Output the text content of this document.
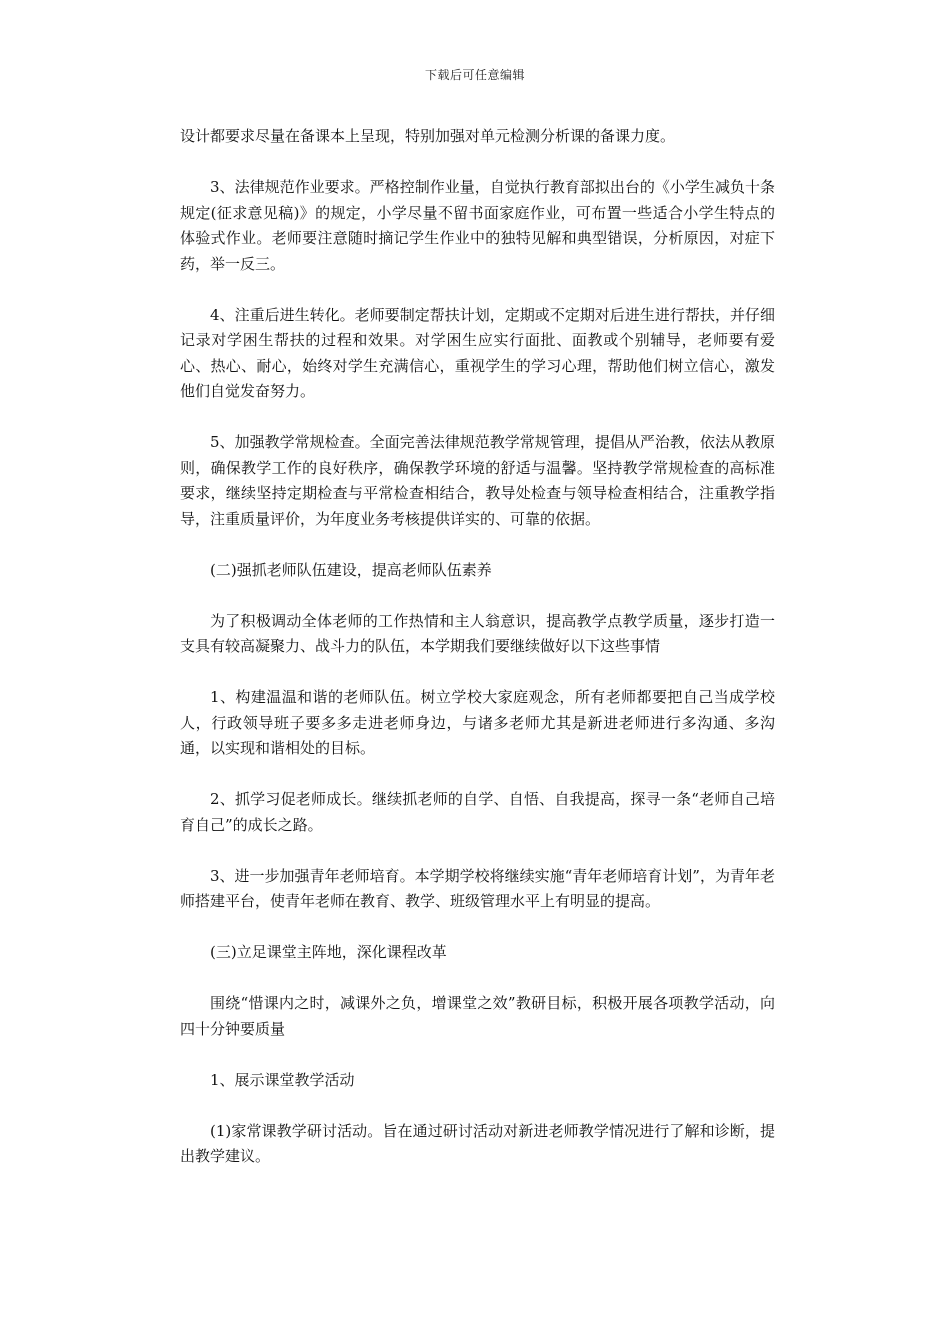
下载后可任意编辑

设计都要求尽量在备课本上呈现，特别加强对单元检测分析课的备课力度。

3、法律规范作业要求。严格控制作业量，自觉执行教育部拟出台的《小学生减负十条规定(征求意见稿)》的规定，小学尽量不留书面家庭作业，可布置一些适合小学生特点的体验式作业。老师要注意随时摘记学生作业中的独特见解和典型错误，分析原因，对症下药，举一反三。

4、注重后进生转化。老师要制定帮扶计划，定期或不定期对后进生进行帮扶，并仔细记录对学困生帮扶的过程和效果。对学困生应实行面批、面教或个别辅导，老师要有爱心、热心、耐心，始终对学生充满信心，重视学生的学习心理，帮助他们树立信心，激发他们自觉发奋努力。

5、加强教学常规检查。全面完善法律规范教学常规管理，提倡从严治教，依法从教原则，确保教学工作的良好秩序，确保教学环境的舒适与温馨。坚持教学常规检查的高标准要求，继续坚持定期检查与平常检查相结合，教导处检查与领导检查相结合，注重教学指导，注重质量评价，为年度业务考核提供详实的、可靠的依据。

(二)强抓老师队伍建设，提高老师队伍素养

为了积极调动全体老师的工作热情和主人翁意识，提高教学点教学质量，逐步打造一支具有较高凝聚力、战斗力的队伍，本学期我们要继续做好以下这些事情

1、构建温温和谐的老师队伍。树立学校大家庭观念，所有老师都要把自己当成学校人，行政领导班子要多多走进老师身边，与诸多老师尤其是新进老师进行多沟通、多沟通，以实现和谐相处的目标。

2、抓学习促老师成长。继续抓老师的自学、自悟、自我提高，探寻一条“老师自己培育自己”的成长之路。

3、进一步加强青年老师培育。本学期学校将继续实施“青年老师培育计划”，为青年老师搭建平台，使青年老师在教育、教学、班级管理水平上有明显的提高。

(三)立足课堂主阵地，深化课程改革

围绕“惜课内之时，减课外之负，增课堂之效”教研目标，积极开展各项教学活动，向四十分钟要质量

1、展示课堂教学活动

(1)家常课教学研讨活动。旨在通过研讨活动对新进老师教学情况进行了解和诊断，提出教学建议。
